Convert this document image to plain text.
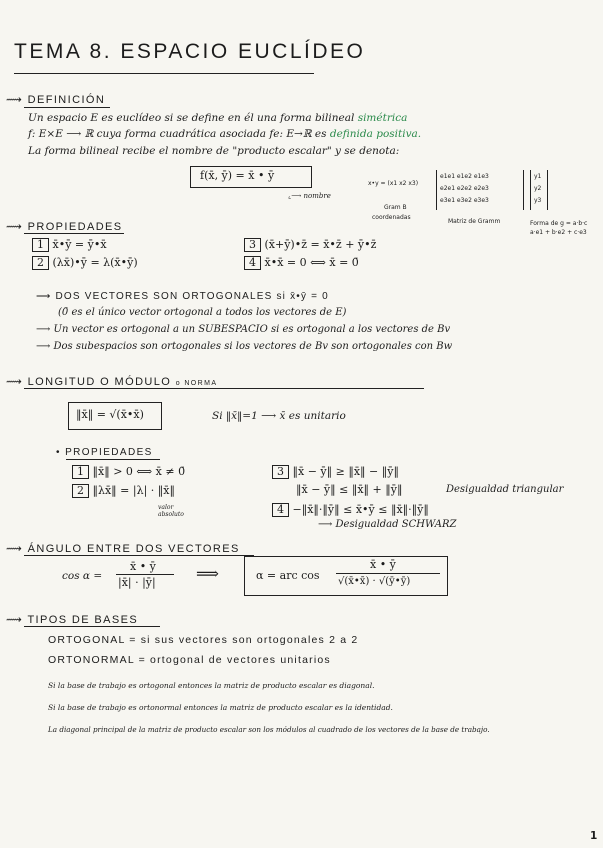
TEMA 8. ESPACIO EUCLÍDEO
⟿ DEFINICIÓN
Un espacio E es euclídeo si se define en él una forma bilineal simétrica
f: E×E ⟶ ℝ cuya forma cuadrática asociada fe: E→ℝ es definida positiva.
La forma bilineal recibe el nombre de "producto escalar" y se denota:
f(x̄, ȳ) = x̄ • ȳ
⌞⟶ nombre
x•y = (x1 x2 x3)
Gram B
coordenadas
e1e1 e1e2 e1e3
e2e1 e2e2 e2e3
e3e1 e3e2 e3e3
y1
y2
y3
Matriz de Gramm	Forma de g = a·b·c
a·e1 + b·e2 + c·e3
⟿ PROPIEDADES
1 x̄•ȳ = ȳ•x̄
2 (λx̄)•ȳ = λ(x̄•ȳ)
3 (x̄+ȳ)•z̄ = x̄•z̄ + ȳ•z̄
4 x̄•x̄ = 0 ⟺ x̄ = 0̄
⟶ DOS VECTORES SON ORTOGONALES si x̄•ȳ = 0
(0̄ es el único vector ortogonal a todos los vectores de E)
⟶ Un vector es ortogonal a un SUBESPACIO si es ortogonal a los vectores de Bv
⟶ Dos subespacios son ortogonales si los vectores de Bv son ortogonales con Bw
⟿ LONGITUD O MÓDULO o NORMA
‖x̄‖ = √(x̄•x̄)	Si ‖x̄‖=1 ⟶ x̄ es unitario
• PROPIEDADES
1 ‖x̄‖ > 0 ⟺ x̄ ≠ 0̄
2 ‖λx̄‖ = |λ| · ‖x̄‖
valor absoluto
3 ‖x̄ − ȳ‖ ≥ ‖x̄‖ − ‖ȳ‖
‖x̄ − ȳ‖ ≤ ‖x̄‖ + ‖ȳ‖	Desigualdad triangular
4 −‖x̄‖·‖ȳ‖ ≤ x̄•ȳ ≤ ‖x̄‖·‖ȳ‖
⟶ Desigualdad SCHWARZ
⟿ ÁNGULO ENTRE DOS VECTORES
cos α =
x̄ • ȳ
|x̄| · |ȳ|	⟹	α = arc cos
x̄ • ȳ
√(x̄•x̄) · √(ȳ•ȳ)
⟿ TIPOS DE BASES
ORTOGONAL = si sus vectores son ortogonales 2 a 2
ORTONORMAL = ortogonal de vectores unitarios
Si la base de trabajo es ortogonal entonces la matriz de producto escalar es diagonal.
Si la base de trabajo es ortonormal entonces la matriz de producto escalar es la identidad.
La diagonal principal de la matriz de producto escalar son los módulos al cuadrado de los vectores de la base de trabajo.
1
